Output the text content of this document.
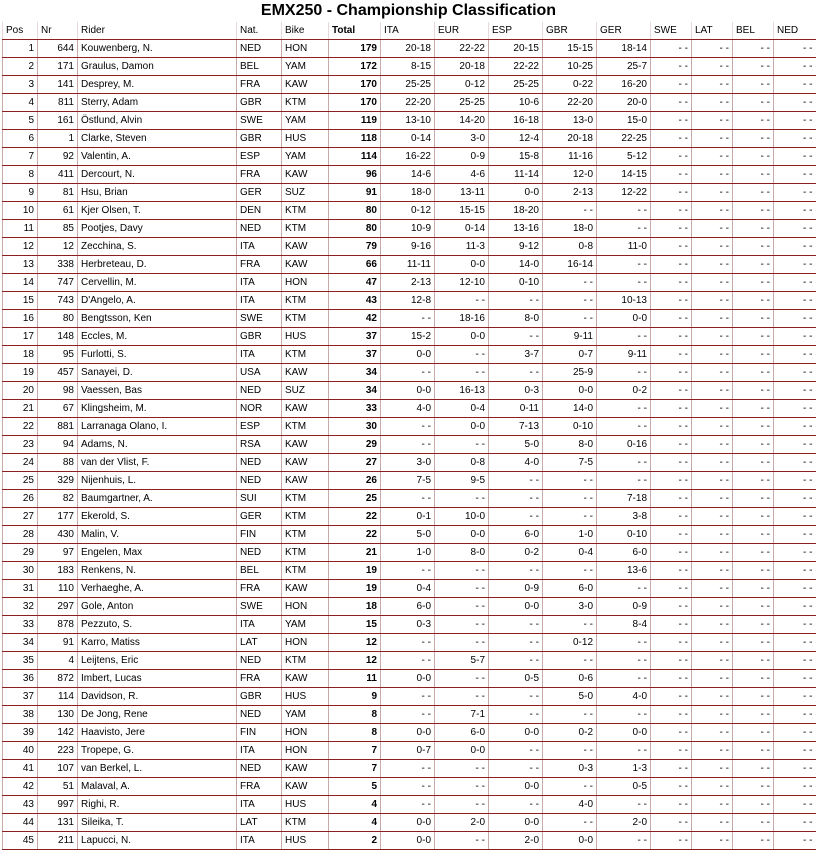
EMX250 - Championship Classification
Pos	Nr	Rider	Nat.	Bike	Total	ITA	EUR	ESP	GBR	GER	SWE	LAT	BEL	NED
1	644	Kouwenberg, N.	NED	HON	179	20-18	22-22	20-15	15-15	18-14	- -	- -	- -	- -
2	171	Graulus, Damon	BEL	YAM	172	8-15	20-18	22-22	10-25	25-7	- -	- -	- -	- -
3	141	Desprey, M.	FRA	KAW	170	25-25	0-12	25-25	0-22	16-20	- -	- -	- -	- -
4	811	Sterry, Adam	GBR	KTM	170	22-20	25-25	10-6	22-20	20-0	- -	- -	- -	- -
5	161	Östlund, Alvin	SWE	YAM	119	13-10	14-20	16-18	13-0	15-0	- -	- -	- -	- -
6	1	Clarke, Steven	GBR	HUS	118	0-14	3-0	12-4	20-18	22-25	- -	- -	- -	- -
7	92	Valentin, A.	ESP	YAM	114	16-22	0-9	15-8	11-16	5-12	- -	- -	- -	- -
8	411	Dercourt, N.	FRA	KAW	96	14-6	4-6	11-14	12-0	14-15	- -	- -	- -	- -
9	81	Hsu, Brian	GER	SUZ	91	18-0	13-11	0-0	2-13	12-22	- -	- -	- -	- -
10	61	Kjer Olsen, T.	DEN	KTM	80	0-12	15-15	18-20	- -	- -	- -	- -	- -	- -
11	85	Pootjes, Davy	NED	KTM	80	10-9	0-14	13-16	18-0	- -	- -	- -	- -	- -
12	12	Zecchina, S.	ITA	KAW	79	9-16	11-3	9-12	0-8	11-0	- -	- -	- -	- -
13	338	Herbreteau, D.	FRA	KAW	66	11-11	0-0	14-0	16-14	- -	- -	- -	- -	- -
14	747	Cervellin, M.	ITA	HON	47	2-13	12-10	0-10	- -	- -	- -	- -	- -	- -
15	743	D'Angelo, A.	ITA	KTM	43	12-8	- -	- -	- -	10-13	- -	- -	- -	- -
16	80	Bengtsson, Ken	SWE	KTM	42	- -	18-16	8-0	- -	0-0	- -	- -	- -	- -
17	148	Eccles, M.	GBR	HUS	37	15-2	0-0	- -	9-11	- -	- -	- -	- -	- -
18	95	Furlotti, S.	ITA	KTM	37	0-0	- -	3-7	0-7	9-11	- -	- -	- -	- -
19	457	Sanayei, D.	USA	KAW	34	- -	- -	- -	25-9	- -	- -	- -	- -	- -
20	98	Vaessen, Bas	NED	SUZ	34	0-0	16-13	0-3	0-0	0-2	- -	- -	- -	- -
21	67	Klingsheim, M.	NOR	KAW	33	4-0	0-4	0-11	14-0	- -	- -	- -	- -	- -
22	881	Larranaga Olano, I.	ESP	KTM	30	- -	0-0	7-13	0-10	- -	- -	- -	- -	- -
23	94	Adams, N.	RSA	KAW	29	- -	- -	5-0	8-0	0-16	- -	- -	- -	- -
24	88	van der Vlist, F.	NED	KAW	27	3-0	0-8	4-0	7-5	- -	- -	- -	- -	- -
25	329	Nijenhuis, L.	NED	KAW	26	7-5	9-5	- -	- -	- -	- -	- -	- -	- -
26	82	Baumgartner, A.	SUI	KTM	25	- -	- -	- -	- -	7-18	- -	- -	- -	- -
27	177	Ekerold, S.	GER	KTM	22	0-1	10-0	- -	- -	3-8	- -	- -	- -	- -
28	430	Malin, V.	FIN	KTM	22	5-0	0-0	6-0	1-0	0-10	- -	- -	- -	- -
29	97	Engelen, Max	NED	KTM	21	1-0	8-0	0-2	0-4	6-0	- -	- -	- -	- -
30	183	Renkens, N.	BEL	KTM	19	- -	- -	- -	- -	13-6	- -	- -	- -	- -
31	110	Verhaeghe, A.	FRA	KAW	19	0-4	- -	0-9	6-0	- -	- -	- -	- -	- -
32	297	Gole, Anton	SWE	HON	18	6-0	- -	0-0	3-0	0-9	- -	- -	- -	- -
33	878	Pezzuto, S.	ITA	YAM	15	0-3	- -	- -	- -	8-4	- -	- -	- -	- -
34	91	Karro, Matiss	LAT	HON	12	- -	- -	- -	0-12	- -	- -	- -	- -	- -
35	4	Leijtens, Eric	NED	KTM	12	- -	5-7	- -	- -	- -	- -	- -	- -	- -
36	872	Imbert, Lucas	FRA	KAW	11	0-0	- -	0-5	0-6	- -	- -	- -	- -	- -
37	114	Davidson, R.	GBR	HUS	9	- -	- -	- -	5-0	4-0	- -	- -	- -	- -
38	130	De Jong, Rene	NED	YAM	8	- -	7-1	- -	- -	- -	- -	- -	- -	- -
39	142	Haavisto, Jere	FIN	HON	8	0-0	6-0	0-0	0-2	0-0	- -	- -	- -	- -
40	223	Tropepe, G.	ITA	HON	7	0-7	0-0	- -	- -	- -	- -	- -	- -	- -
41	107	van Berkel, L.	NED	KAW	7	- -	- -	- -	0-3	1-3	- -	- -	- -	- -
42	51	Malaval, A.	FRA	KAW	5	- -	- -	0-0	- -	0-5	- -	- -	- -	- -
43	997	Righi, R.	ITA	HUS	4	- -	- -	- -	4-0	- -	- -	- -	- -	- -
44	131	Sileika, T.	LAT	KTM	4	0-0	2-0	0-0	- -	2-0	- -	- -	- -	- -
45	211	Lapucci, N.	ITA	HUS	2	0-0	- -	2-0	0-0	- -	- -	- -	- -	- -
